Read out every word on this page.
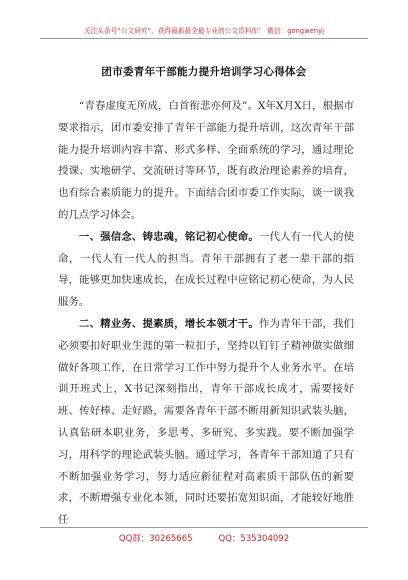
关注头条号“公文研究”，获得最新最全最专业的公文资料库！ 微信：gongwenyj
团市委青年干部能力提升培训学习心得体会

“青春虚度无所成，白首衔悲亦何及”。X年X月X日，根据市要求指示，团市委安排了青年干部能力提升培训，这次青年干部能力提升培训内容丰富、形式多样、全面系统的学习，通过理论授课、实地研学、交流研讨等环节，既有政治理论素养的培育，也有综合素质能力的提升。下面结合团市委工作实际，谈一谈我的几点学习体会。

一、强信念、铸忠魂，铭记初心使命。一代人有一代人的使命，一代人有一代人的担当。青年干部拥有了老一辈干部的指导，能够更加快速成长，在成长过程中应铭记初心使命，为人民服务。

二、精业务、提素质，增长本领才干。作为青年干部，我们必须要扣好职业生涯的第一粒扣子，坚持以钉钉子精神做实做细做好各项工作，在日常学习工作中努力提升个人业务水平。在培训开班式上，X书记深刻指出，青年干部成长成才，需要接好班、传好棒、走好路，需要各青年干部不断用新知识武装头脑，认真钻研本职业务，多思考、多研究、多实践。要不断加强学习，用科学的理论武装头脑。通过学习，各青年干部知道了只有不断加强业务学习，努力适应新征程对高素质干部队伍的新要求，不断增强专业化本领，同时还要拓宽知识面，才能较好地胜任

QQ群：30265665	QQ：535304092
